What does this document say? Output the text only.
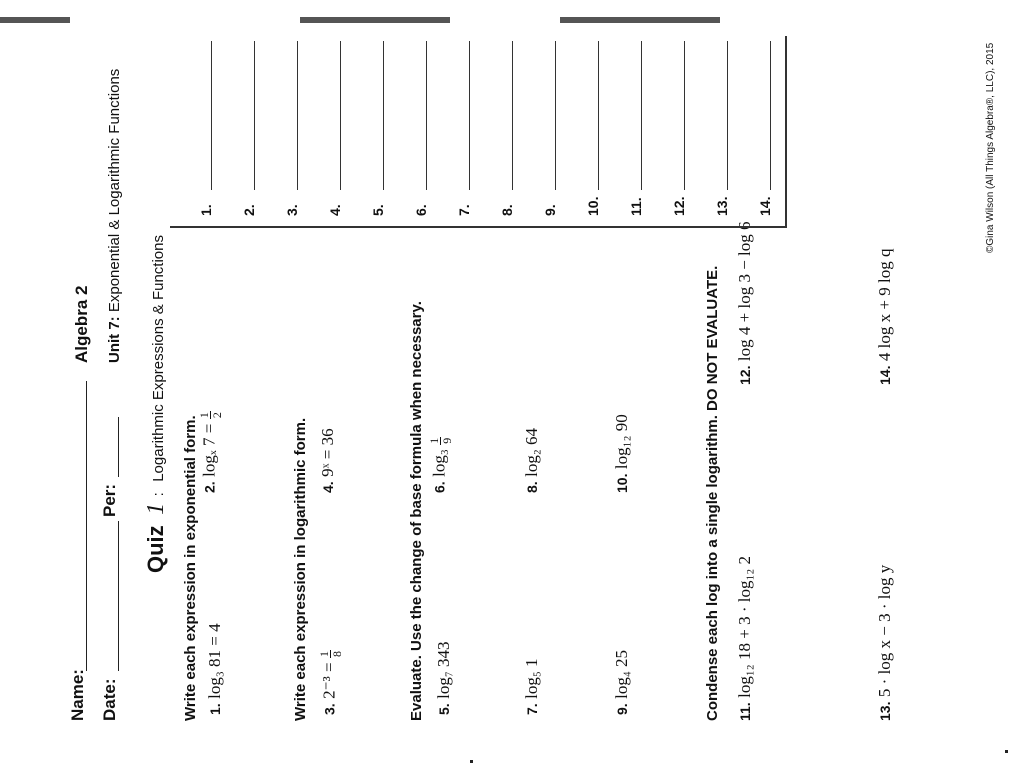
Name:
Algebra 2
Date:
Per:
Unit 7: Exponential & Logarithmic Functions
Quiz 1 : Logarithmic Expressions & Functions
Write each expression in exponential form. 1. log₃ 81 = 4
2. logₓ 7 =
1 2
Write each expression in logarithmic form. 3. 2⁻³ =
1 8
4. 9ˣ = 36	Evaluate. Use the change of base formula when necessary. 5. log₇ 343
6. log₃
1 9
7. log₅ 1
8. log₂ 64
9. log₄ 25
10. log₁₂ 90	Condense each log into a single logarithm. DO NOT EVALUATE. 11. log₁₂ 18 + 3 · log₁₂ 2
12. log 4 + log 3 − log 6
13. 5 · log x − 3 · log y
14. 4 log x + 9 log q
1. 2. 3. 4. 5. 6. 7. 8. 9. 10. 11. 12. 13. 14.	©Gina Wilson (All Things Algebra®, LLC), 2015
